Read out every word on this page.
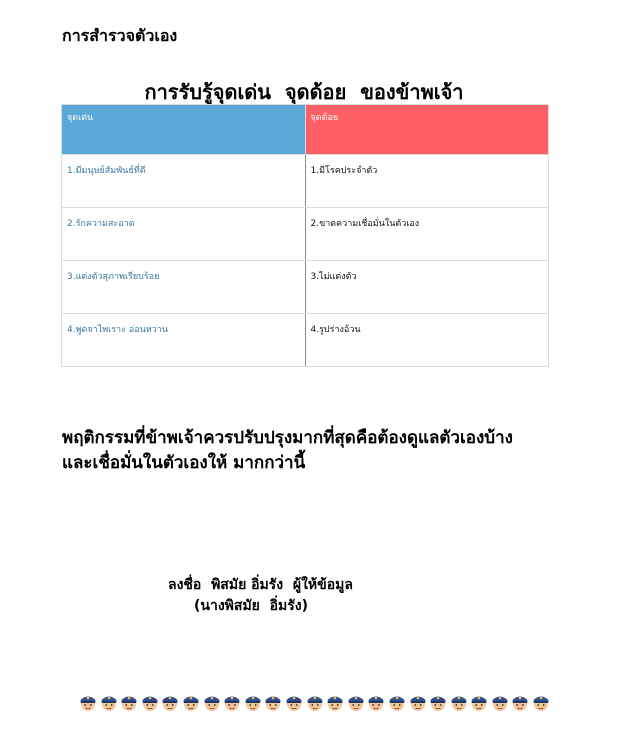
การสำรวจตัวเอง
การรับรู้จุดเด่น  จุดด้อย  ของข้าพเจ้า
จุดเด่น	จุดด้อย
1.มีมนุษย์สัมพันธ์ที่ดี	1.มีโรคประจำตัว
2.รักความสะอาด	2.ขาดความเชื่อมั่นในตัวเอง
3.แต่งตัวสุภาพเรียบร้อย	3.ไม่แต่งตัว
4.พูดจาไพเราะ อ่อนหวาน	4.รูปร่างอ้วน
พฤติกรรมที่ข้าพเจ้าควรปรับปรุงมากที่สุดคือต้องดูแลตัวเองบ้าง
และเชื่อมั่นในตัวเองให้ มากกว่านี้
ลงชื่อ  พิสมัย อิ่มรัง  ผู้ให้ข้อมูล
(นางพิสมัย  อิ่มรัง)
